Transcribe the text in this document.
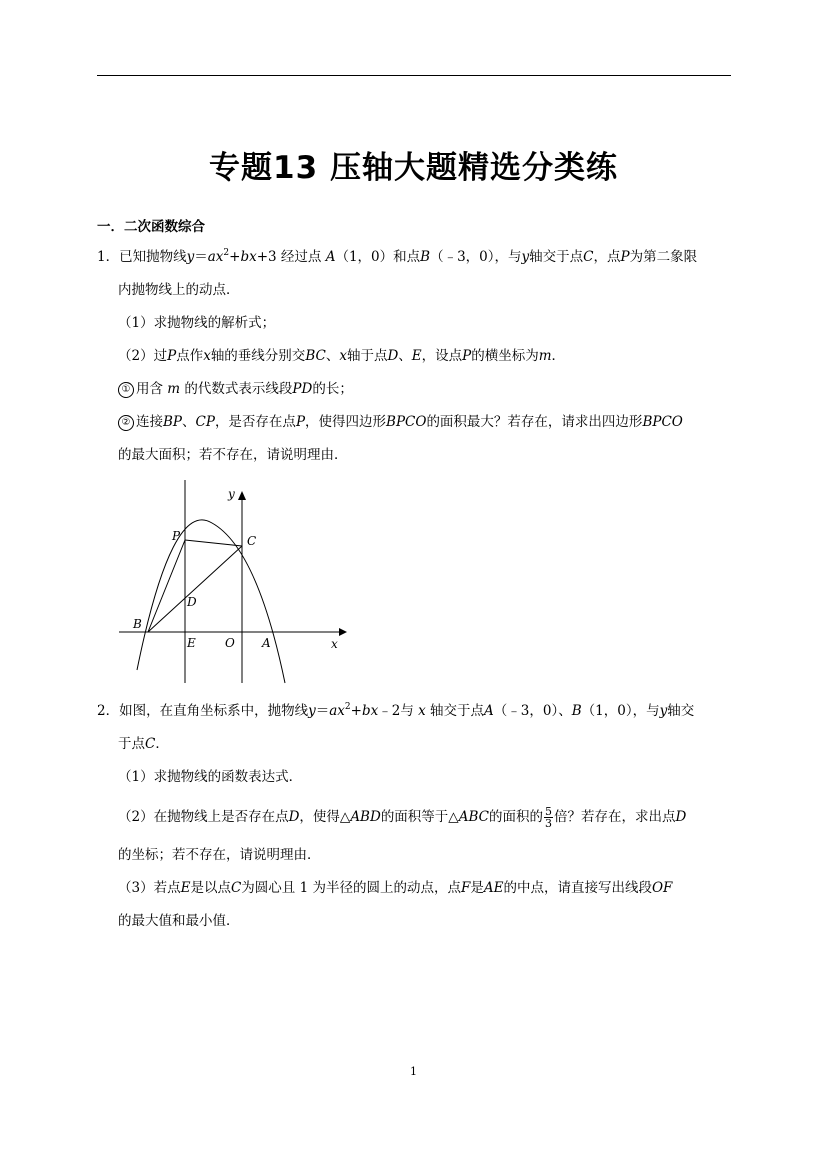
专题13 压轴大题精选分类练
一．二次函数综合
1．已知抛物线$y=ax^2+bx+3$ 经过点 A（1，0）和点B（﹣3，0），与y轴交于点C，点P为第二象限
内抛物线上的动点．
（1）求抛物线的解析式；
（2）过P点作x轴的垂线分别交BC、x轴于点D、E，设点P的横坐标为m．
① 用含 m 的代数式表示线段PD的长；
② 连接BP、CP，是否存在点P，使得四边形BPCO的面积最大？若存在，请求出四边形BPCO
的最大面积；若不存在，请说明理由．
y
x
P	C
D
B
E O A
2．如图，在直角坐标系中，抛物线$y=ax^2+bx﹣2$与 x 轴交于点A（﹣3，0）、B（1，0），与y轴交
于点C．
（1）求抛物线的函数表达式．
（2）在抛物线上是否存在点D，使得△ABD的面积等于△ABC的面积的 $\frac{5}{3}$ 倍？若存在，求出点D
的坐标；若不存在，请说明理由．
（3）若点E是以点C为圆心且 1 为半径的圆上的动点，点F是AE的中点，请直接写出线段OF
的最大值和最小值．
1
